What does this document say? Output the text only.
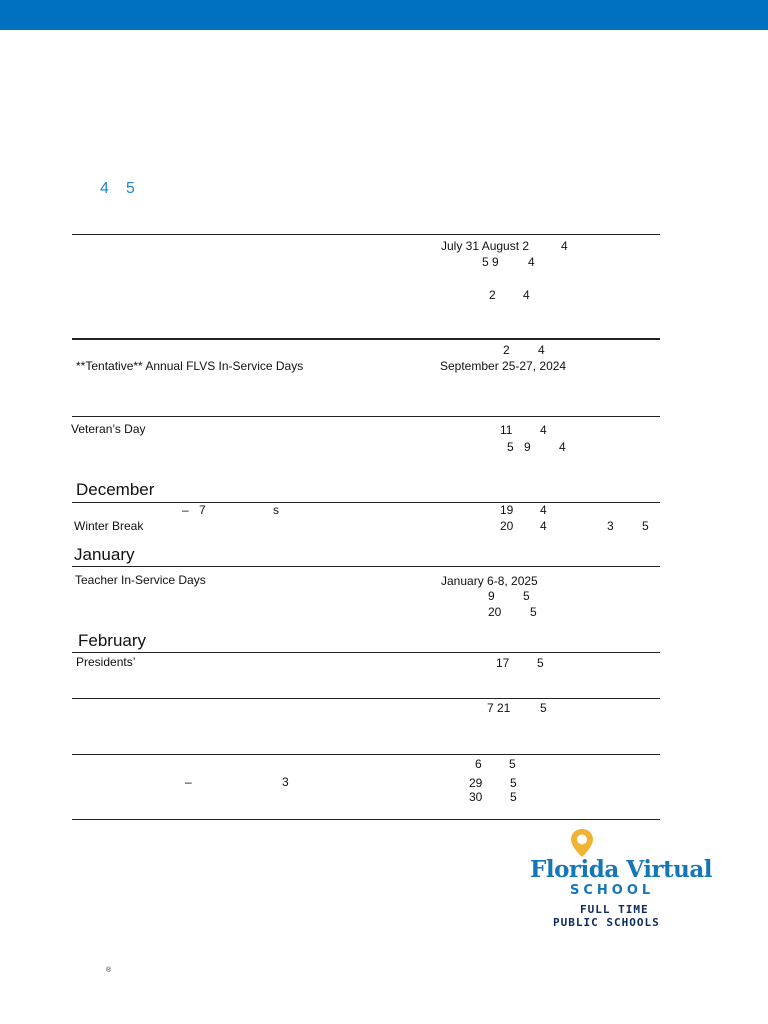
4 5
July 31 August 2	4
5 9 4
2 4
2 4
**Tentative** Annual FLVS In-Service Days	September 25-27, 2024
Veteran’s Day	11 4
5 9 4
December
– 7	s	19 4
Winter Break	20 4	3 5
January
Teacher In-Service Days	January 6-8, 2025
9 5
20 5
February
Presidents’	17 5
7 21 5
6 5
–	3	29 5
30 5
Florida Virtual
SCHOOL
FULL TIME
PUBLIC SCHOOLS
®
